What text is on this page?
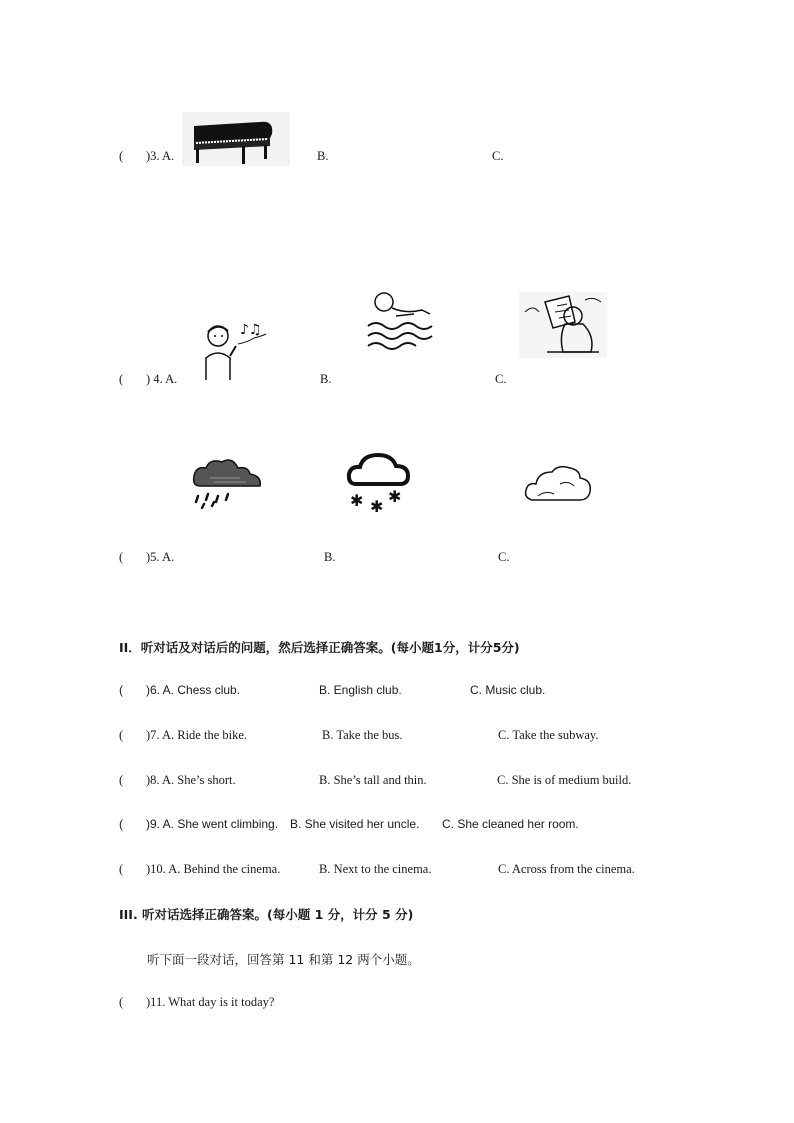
( )3. A.	B.	C.
♪♫
( ) 4. A.	B.	C.
✱ ✱
✱
( )5. A.	B.	C.
II．听对话及对话后的问题，然后选择正确答案。(每小题1分，计分5分)
( )6. A. Chess club.	B. English club.	C. Music club.
( )7. A. Ride the bike.	B. Take the bus.	C. Take the subway.
( )8. A. She’s short.	B. She’s tall and thin.	C. She is of medium build.
( )9. A. She went climbing. B. She visited her uncle. C. She cleaned her room.
( )10. A. Behind the cinema.	B. Next to the cinema.	C. Across from the cinema.
III. 听对话选择正确答案。(每小题 1 分，计分 5 分)
听下面一段对话，回答第 11 和第 12 两个小题。
( )11. What day is it today?
